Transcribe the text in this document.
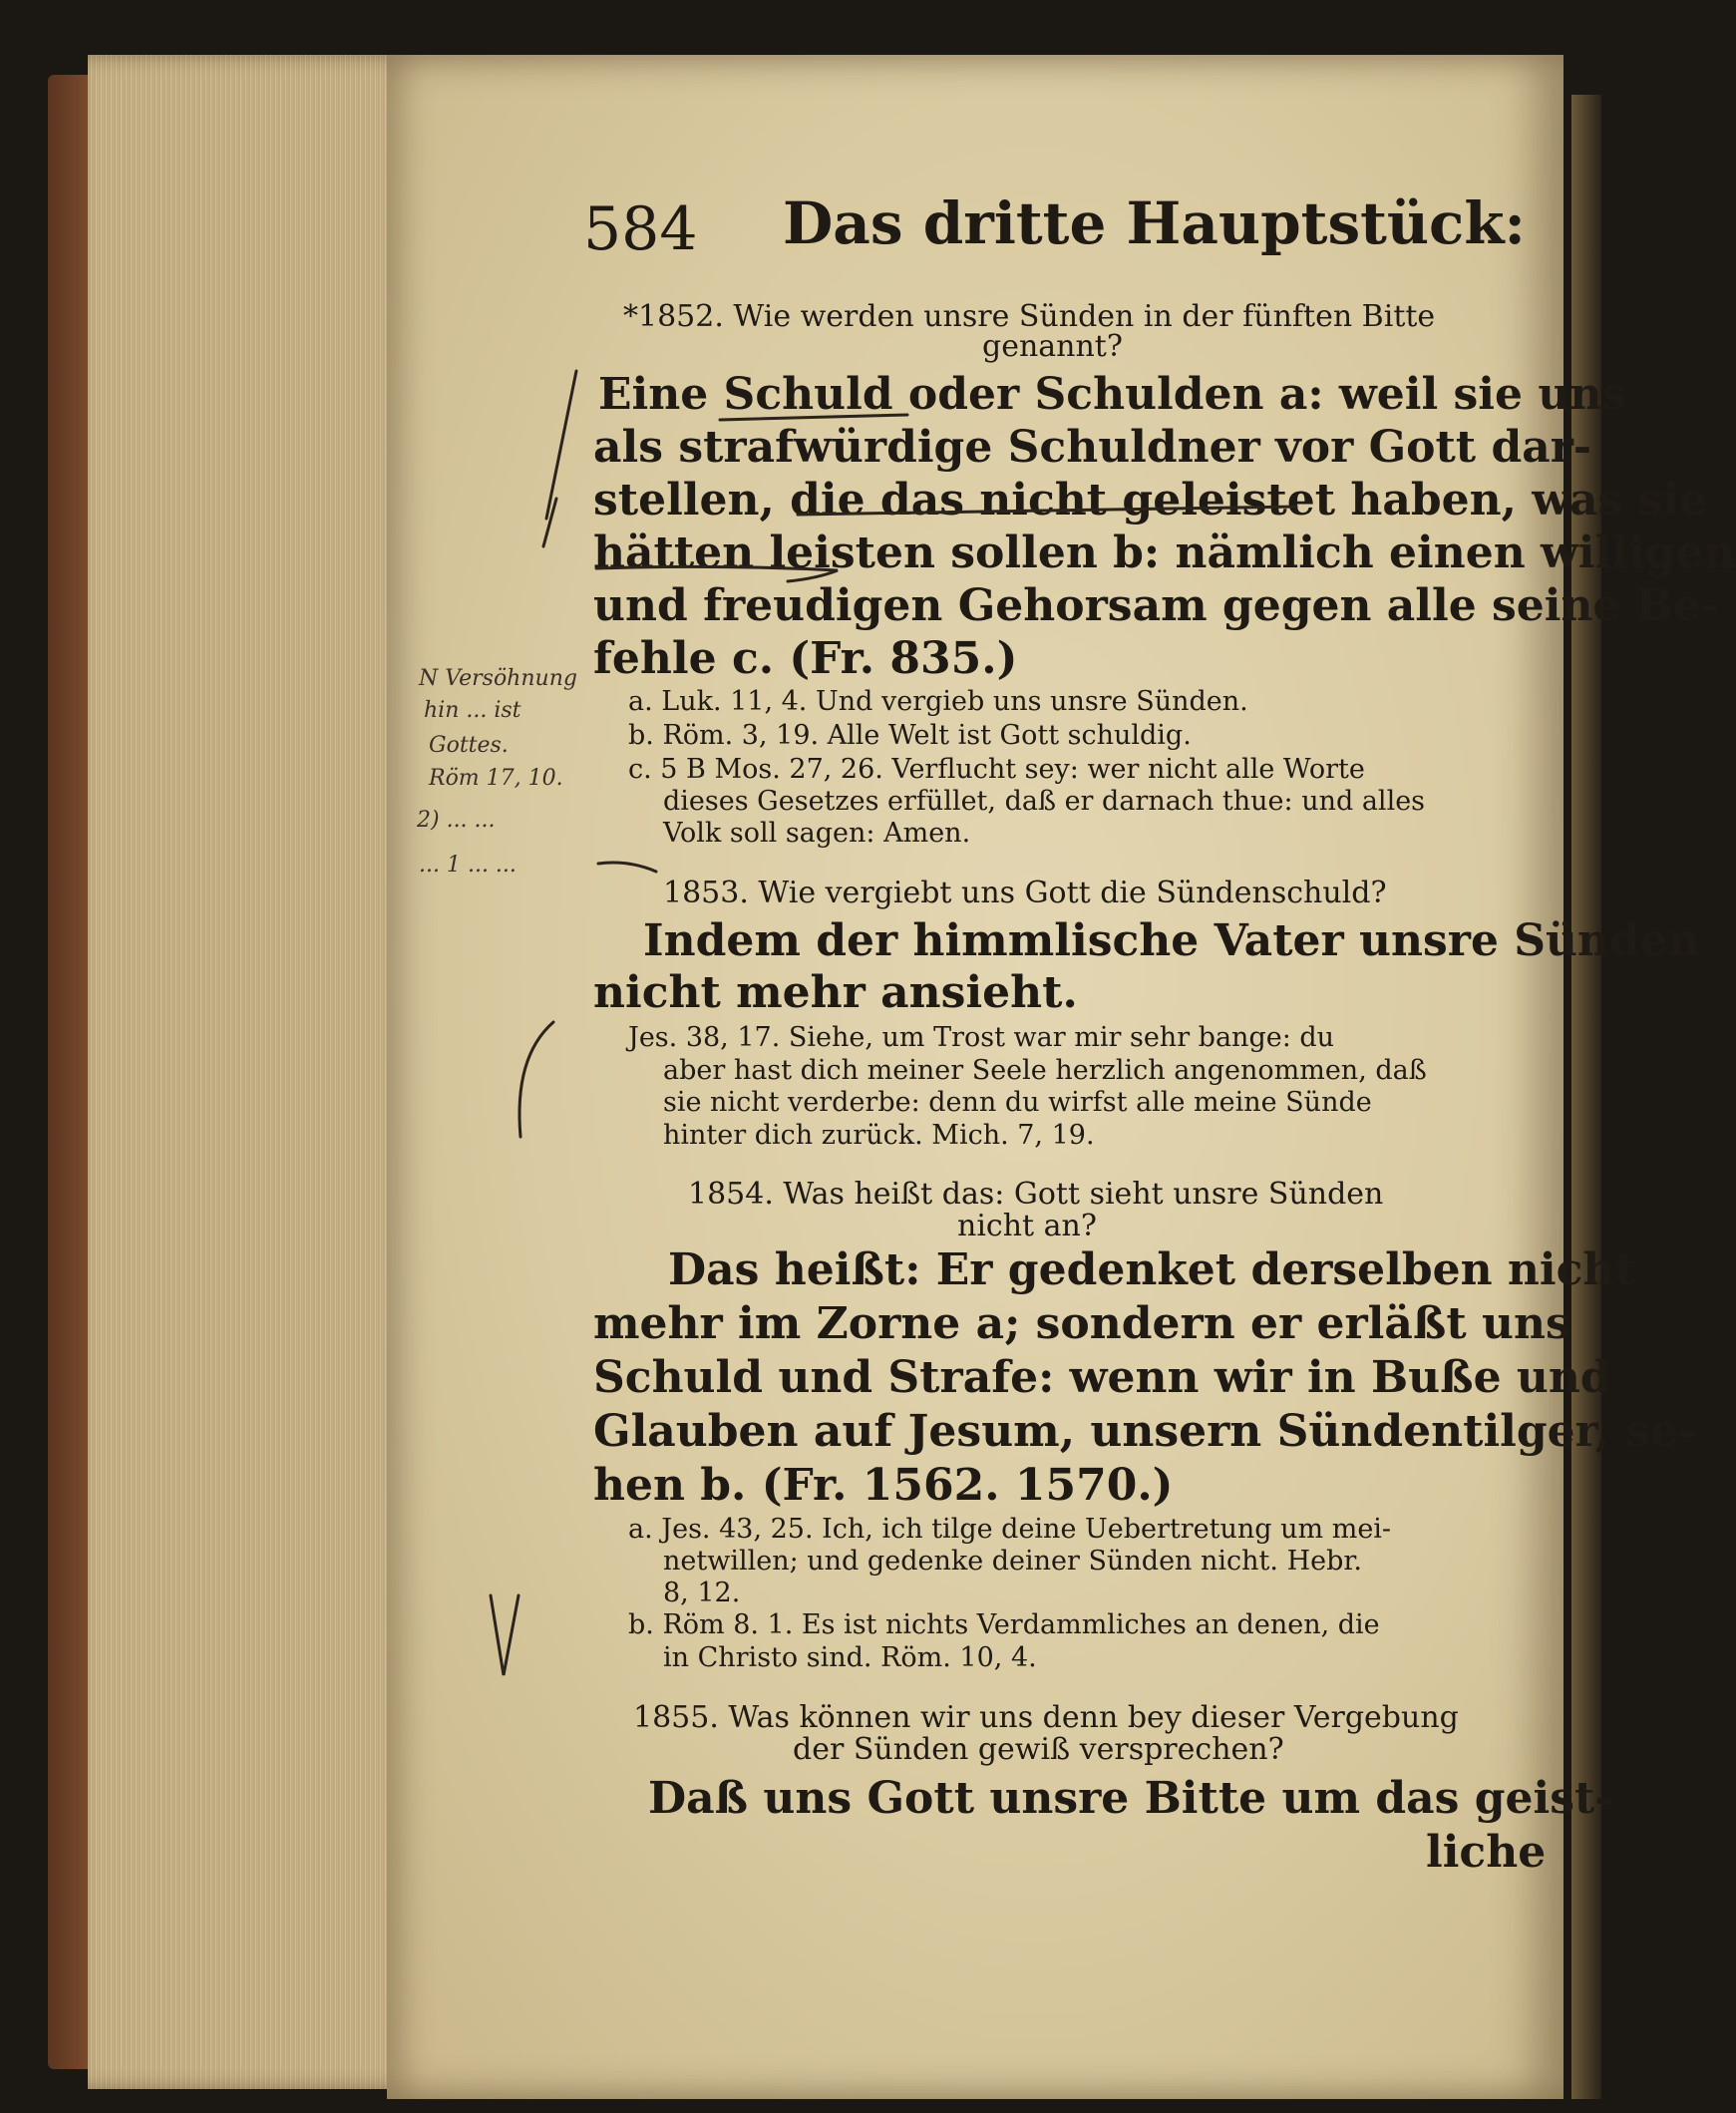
584 Das dritte Hauptstück:
*1852. Wie werden unsre Sünden in der fünften Bitte
genannt?
Eine Schuld oder Schulden a: weil sie uns
als strafwürdige Schuldner vor Gott dar-
stellen, die das nicht geleistet haben, was sie
hätten leisten sollen b: nämlich einen willigen
und freudigen Gehorsam gegen alle seine Be-
fehle c. (Fr. 835.)
a. Luk. 11, 4. Und vergieb uns unsre Sünden.
b. Röm. 3, 19. Alle Welt ist Gott schuldig.
c. 5 B Mos. 27, 26. Verflucht sey: wer nicht alle Worte
dieses Gesetzes erfüllet, daß er darnach thue: und alles
Volk soll sagen: Amen.
1853. Wie vergiebt uns Gott die Sündenschuld?
Indem der himmlische Vater unsre Sünden
nicht mehr ansieht.
Jes. 38, 17. Siehe, um Trost war mir sehr bange: du
aber hast dich meiner Seele herzlich angenommen, daß
sie nicht verderbe: denn du wirfst alle meine Sünde
hinter dich zurück. Mich. 7, 19.
1854. Was heißt das: Gott sieht unsre Sünden
nicht an?
Das heißt: Er gedenket derselben nicht
mehr im Zorne a; sondern er erläßt uns
Schuld und Strafe: wenn wir in Buße und
Glauben auf Jesum, unsern Sündentilger, se-
hen b. (Fr. 1562. 1570.)
a. Jes. 43, 25. Ich, ich tilge deine Uebertretung um mei-
netwillen; und gedenke deiner Sünden nicht. Hebr.
8, 12.
b. Röm 8. 1. Es ist nichts Verdammliches an denen, die
in Christo sind. Röm. 10, 4.
1855. Was können wir uns denn bey dieser Vergebung
der Sünden gewiß versprechen?
Daß uns Gott unsre Bitte um das geist-
liche
N Versöhnung
hin ... ist
Gottes.
Röm 17, 10.
2) ... ...
... 1 ... ...
